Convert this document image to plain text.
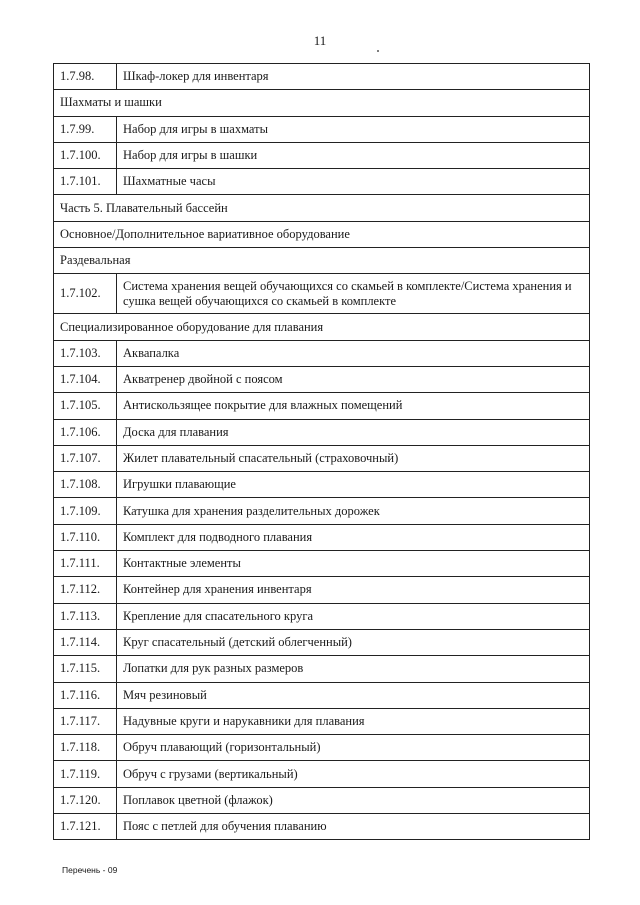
11
1.7.98.	Шкаф-локер для инвентаря
Шахматы и шашки	
1.7.99.	Набор для игры в шахматы
1.7.100.	Набор для игры в шашки
1.7.101.	Шахматные часы
Часть 5. Плавательный бассейн	
Основное/Дополнительное вариативное оборудование	
Раздевальная	
1.7.102.	Система хранения вещей обучающихся со скамьей в комплекте/Система хранения и сушка вещей обучающихся со скамьей в комплекте
Специализированное оборудование для плавания	
1.7.103.	Аквапалка
1.7.104.	Акватренер двойной с поясом
1.7.105.	Антискользящее покрытие для влажных помещений
1.7.106.	Доска для плавания
1.7.107.	Жилет плавательный спасательный (страховочный)
1.7.108.	Игрушки плавающие
1.7.109.	Катушка для хранения разделительных дорожек
1.7.110.	Комплект для подводного плавания
1.7.111.	Контактные элементы
1.7.112.	Контейнер для хранения инвентаря
1.7.113.	Крепление для спасательного круга
1.7.114.	Круг спасательный (детский облегченный)
1.7.115.	Лопатки для рук разных размеров
1.7.116.	Мяч резиновый
1.7.117.	Надувные круги и нарукавники для плавания
1.7.118.	Обруч плавающий (горизонтальный)
1.7.119.	Обруч с грузами (вертикальный)
1.7.120.	Поплавок цветной (флажок)
1.7.121.	Пояс с петлей для обучения плаванию
Перечень - 09
